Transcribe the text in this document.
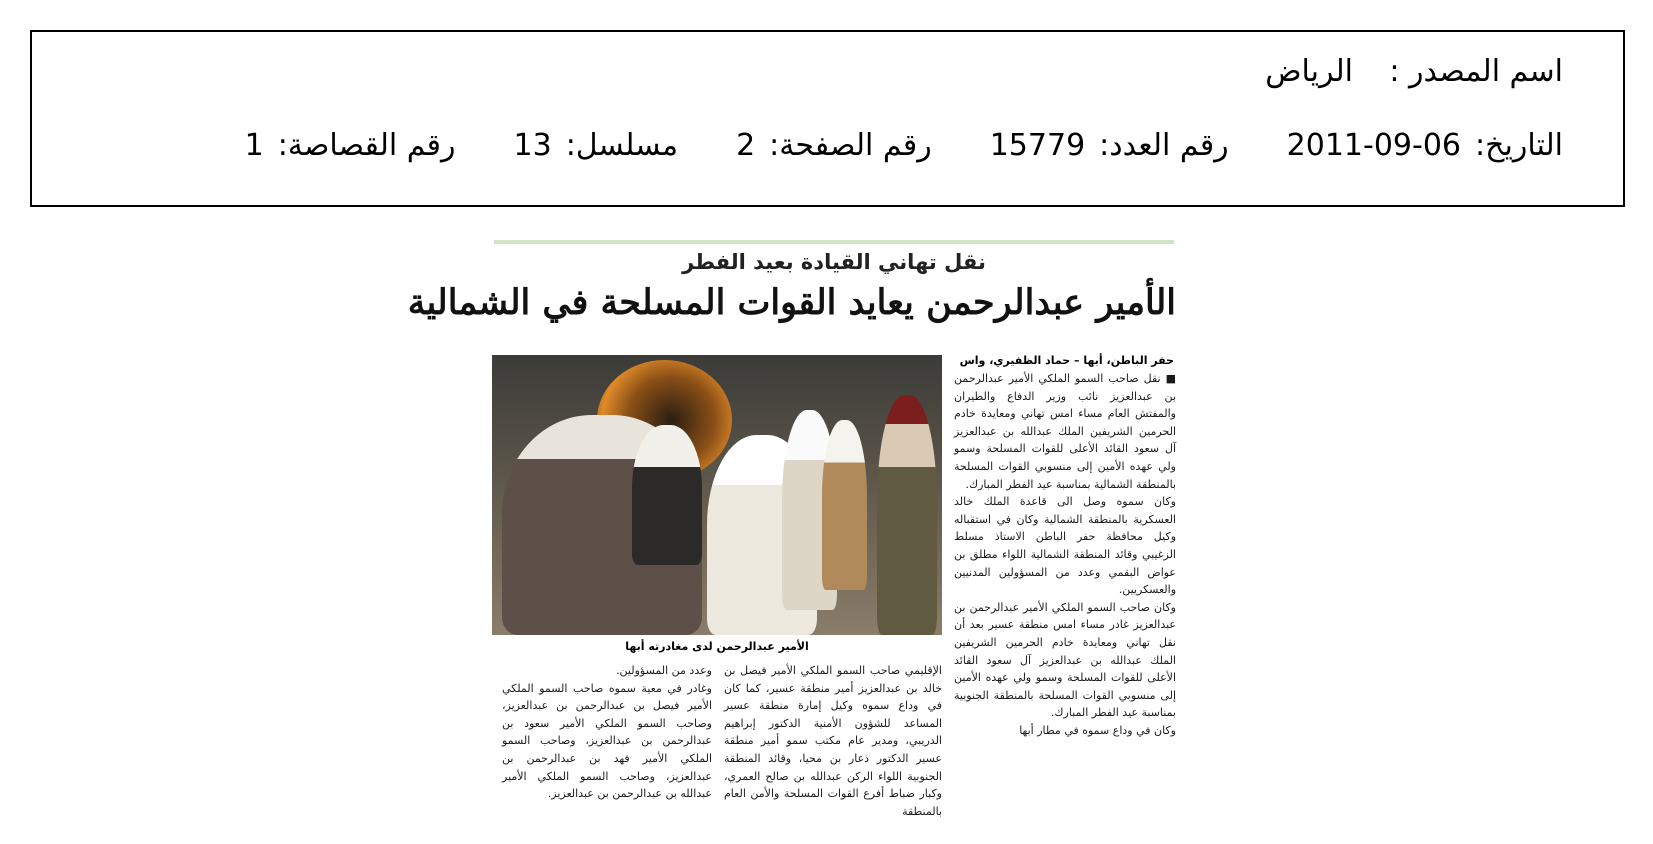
اسم المصدر :
الرياض
التاريخ:
2011-09-06
رقم العدد:
15779
رقم الصفحة:
2
مسلسل:
13
رقم القصاصة:
1
نقل تهاني القيادة بعيد الفطر
الأمير عبدالرحمن يعايد القوات المسلحة في الشمالية
حفر الباطن، أبها – حماد الظفيري، واس

■ نقل صاحب السمو الملكي الأمير عبدالرحمن بن عبدالعزيز نائب وزير الدفاع والطيران والمفتش العام مساء امس تهاني ومعايدة خادم الحرمين الشريفين الملك عبدالله بن عبدالعزيز آل سعود القائد الأعلى للقوات المسلحة وسمو ولي عهده الأمين إلى منسوبي القوات المسلحة بالمنطقة الشمالية بمناسبة عيد الفطر المبارك.

وكان سموه وصل الى قاعدة الملك خالد العسكرية بالمنطقة الشمالية وكان في استقباله وكيل محافظة حفر الباطن الاستاذ مسلط الزغيبي وقائد المنطقة الشمالية اللواء مطلق بن عواض البقمي وعدد من المسؤولين المدنيين والعسكريين.

وكان صاحب السمو الملكي الأمير عبدالرحمن بن عبدالعزيز غادر مساء امس منطقة عسير بعد أن نقل تهاني ومعايدة خادم الحرمين الشريفين الملك عبدالله بن عبدالعزيز آل سعود القائد الأعلى للقوات المسلحة وسمو ولي عهده الأمين إلى منسوبي القوات المسلحة بالمنطقة الجنوبية بمناسبة عيد الفطر المبارك.

وكان في وداع سموه في مطار أبها

الأمير عبدالرحمن لدى مغادرته أبها

الإقليمي صاحب السمو الملكي الأمير فيصل بن خالد بن عبدالعزيز أمير منطقة عسير، كما كان في وداع سموه وكيل إمارة منطقة عسير المساعد للشؤون الأمنية الدكتور إبراهيم الدريبي، ومدير عام مكتب سمو أمير منطقة عسير الدكتور ذعار بن محيا، وقائد المنطقة الجنوبية اللواء الركن عبدالله بن صالح العمري، وكبار ضباط أفرع القوات المسلحة والأمن العام بالمنطقة

وعدد من المسؤولين.

وغادر في معية سموه صاحب السمو الملكي الأمير فيصل بن عبدالرحمن بن عبدالعزيز، وصاحب السمو الملكي الأمير سعود بن عبدالرحمن بن عبدالعزيز، وصاحب السمو الملكي الأمير فهد بن عبدالرحمن بن عبدالعزيز، وصاحب السمو الملكي الأمير عبدالله بن عبدالرحمن بن عبدالعزيز.
